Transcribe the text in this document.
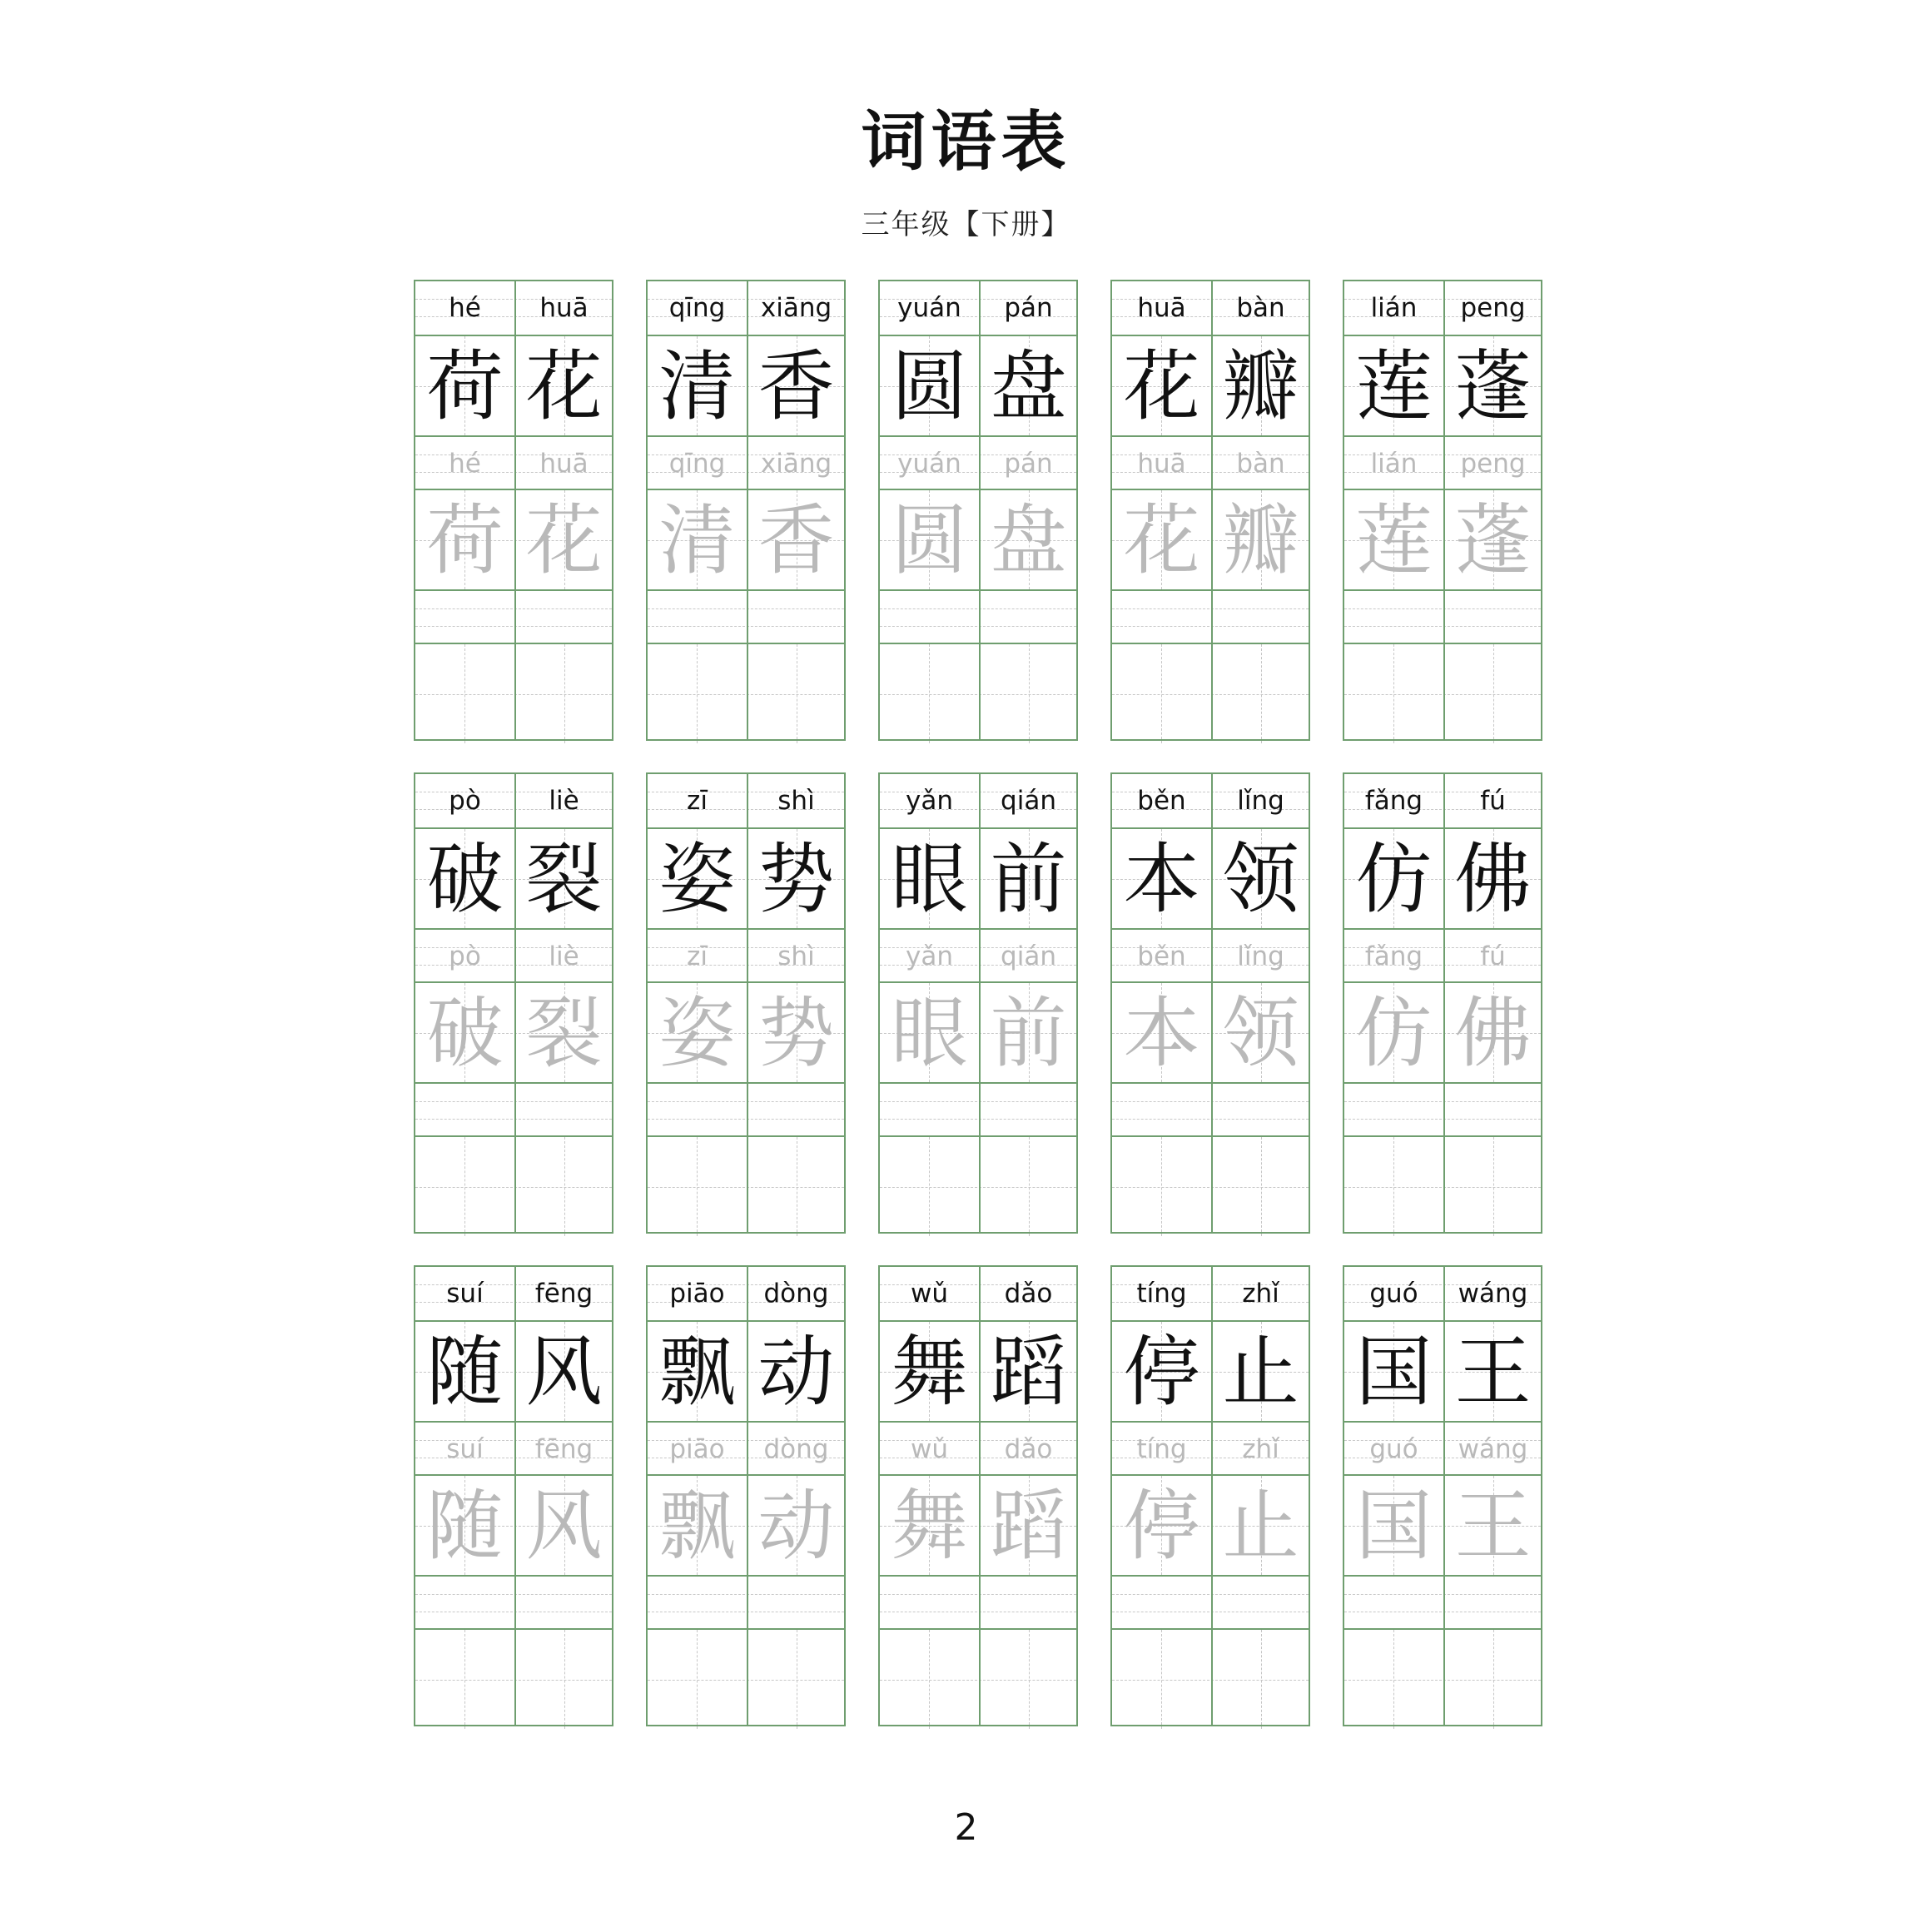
词语表
三年级【下册】
hé	huā
荷 花
hé	huā
荷 花
qīng	xiāng
清 香
qīng	xiāng
清 香
yuán	pán
圆 盘
yuán	pán
圆 盘
huā	bàn
花 瓣
huā	bàn
花 瓣
lián	peng
莲 蓬
lián	peng
莲 蓬
pò	liè
破 裂
pò	liè
破 裂
zī	shì
姿 势
zī	shì
姿 势
yǎn	qián
眼 前
yǎn	qián
眼 前
běn	lǐng
本 领
běn	lǐng
本 领
fǎng	fú
仿 佛
fǎng	fú
仿 佛
suí	fēng
随 风
suí	fēng
随 风
piāo	dòng
飘 动
piāo	dòng
飘 动
wǔ	dǎo
舞 蹈
wǔ	dǎo
舞 蹈
tíng	zhǐ
停 止
tíng	zhǐ
停 止
guó	wáng
国 王
guó	wáng
国 王
2
